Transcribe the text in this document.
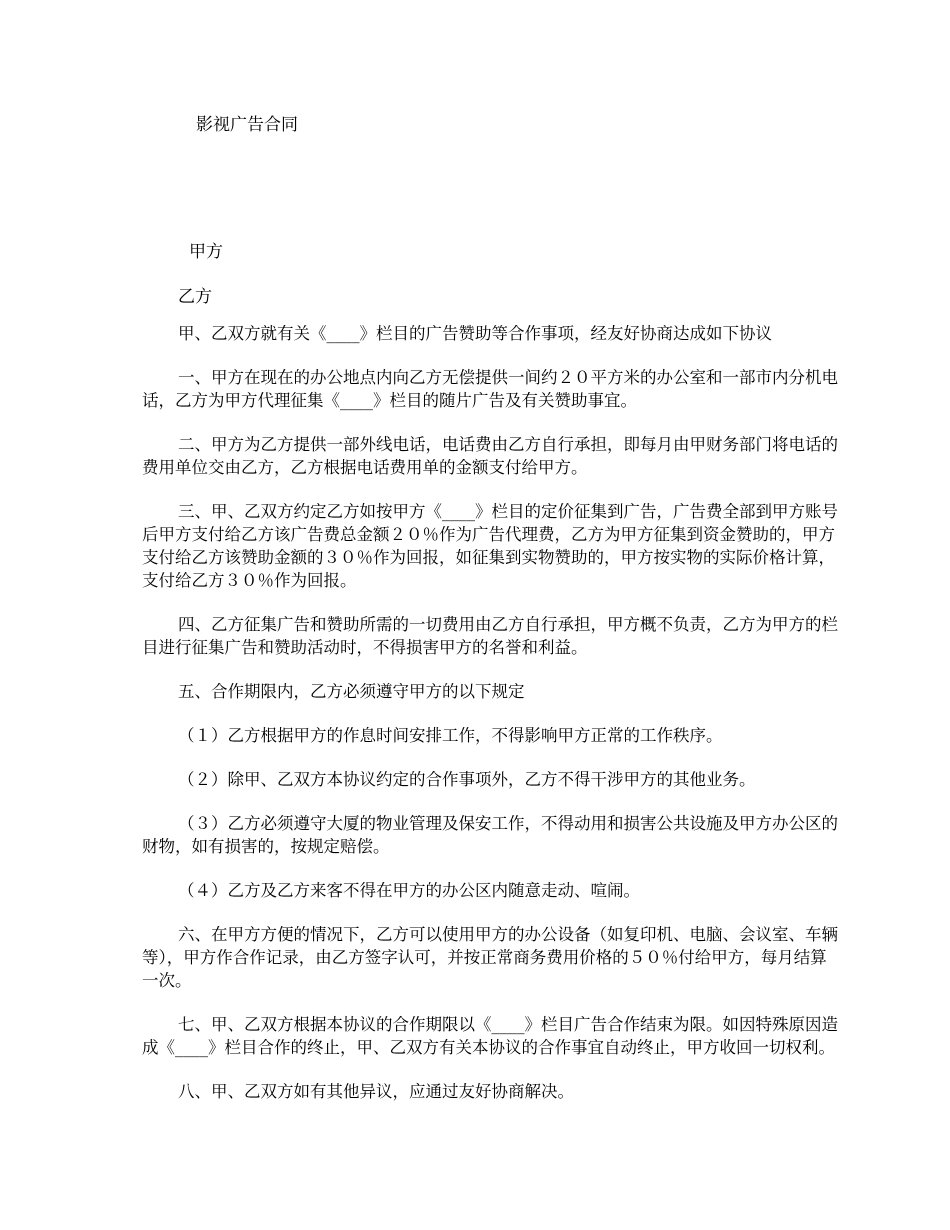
影视广告合同
甲方
乙方

甲、乙双方就有关《____》栏目的广告赞助等合作事项，经友好协商达成如下协议

一、甲方在现在的办公地点内向乙方无偿提供一间约２０平方米的办公室和一部市内分机电话，乙方为甲方代理征集《____》栏目的随片广告及有关赞助事宜。

二、甲方为乙方提供一部外线电话，电话费由乙方自行承担，即每月由甲财务部门将电话的费用单位交由乙方，乙方根据电话费用单的金额支付给甲方。

三、甲、乙双方约定乙方如按甲方《____》栏目的定价征集到广告，广告费全部到甲方账号后甲方支付给乙方该广告费总金额２０％作为广告代理费，乙方为甲方征集到资金赞助的，甲方支付给乙方该赞助金额的３０％作为回报，如征集到实物赞助的，甲方按实物的实际价格计算，支付给乙方３０％作为回报。

四、乙方征集广告和赞助所需的一切费用由乙方自行承担，甲方概不负责，乙方为甲方的栏目进行征集广告和赞助活动时，不得损害甲方的名誉和利益。

五、合作期限内，乙方必须遵守甲方的以下规定

（１）乙方根据甲方的作息时间安排工作，不得影响甲方正常的工作秩序。

（２）除甲、乙双方本协议约定的合作事项外，乙方不得干涉甲方的其他业务。

（３）乙方必须遵守大厦的物业管理及保安工作，不得动用和损害公共设施及甲方办公区的财物，如有损害的，按规定赔偿。

（４）乙方及乙方来客不得在甲方的办公区内随意走动、喧闹。

六、在甲方方便的情况下，乙方可以使用甲方的办公设备（如复印机、电脑、会议室、车辆等），甲方作合作记录，由乙方签字认可，并按正常商务费用价格的５０％付给甲方，每月结算一次。

七、甲、乙双方根据本协议的合作期限以《____》栏目广告合作结束为限。如因特殊原因造成《____》栏目合作的终止，甲、乙双方有关本协议的合作事宜自动终止，甲方收回一切权利。

八、甲、乙双方如有其他异议，应通过友好协商解决。
